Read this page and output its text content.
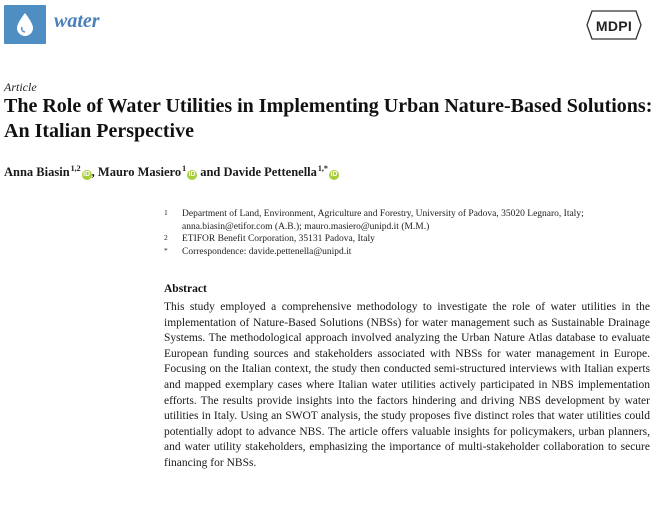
water	MDPI
Article
The Role of Water Utilities in Implementing Urban Nature-Based Solutions: An Italian Perspective
Anna Biasin$^{1,2}$iD , Mauro Masiero$^1$iD and Davide Pettenella$^{1,*}$iD
1 Department of Land, Environment, Agriculture and Forestry, University of Padova, 35020 Legnaro, Italy; anna.biasin@etifor.com (A.B.); mauro.masiero@unipd.it (M.M.)
2 ETIFOR Benefit Corporation, 35131 Padova, Italy
* Correspondence: davide.pettenella@unipd.it
Abstract
This study employed a comprehensive methodology to investigate the role of water utilities in the implementation of Nature-Based Solutions (NBSs) for water management such as Sustainable Drainage Systems. The methodological approach involved analyzing the Urban Nature Atlas database to evaluate European funding sources and stakeholders associated with NBSs for water management in Europe. Focusing on the Italian context, the study then conducted semi-structured interviews with Italian experts and mapped exemplary cases where Italian water utilities actively participated in NBS implementation efforts. The results provide insights into the factors hindering and driving NBS development by water utilities in Italy. Using an SWOT analysis, the study proposes five distinct roles that water utilities could potentially adopt to advance NBS. The article offers valuable insights for policymakers, urban planners, and water utility stakeholders, emphasizing the importance of multi-stakeholder collaboration to secure financing for NBSs.
